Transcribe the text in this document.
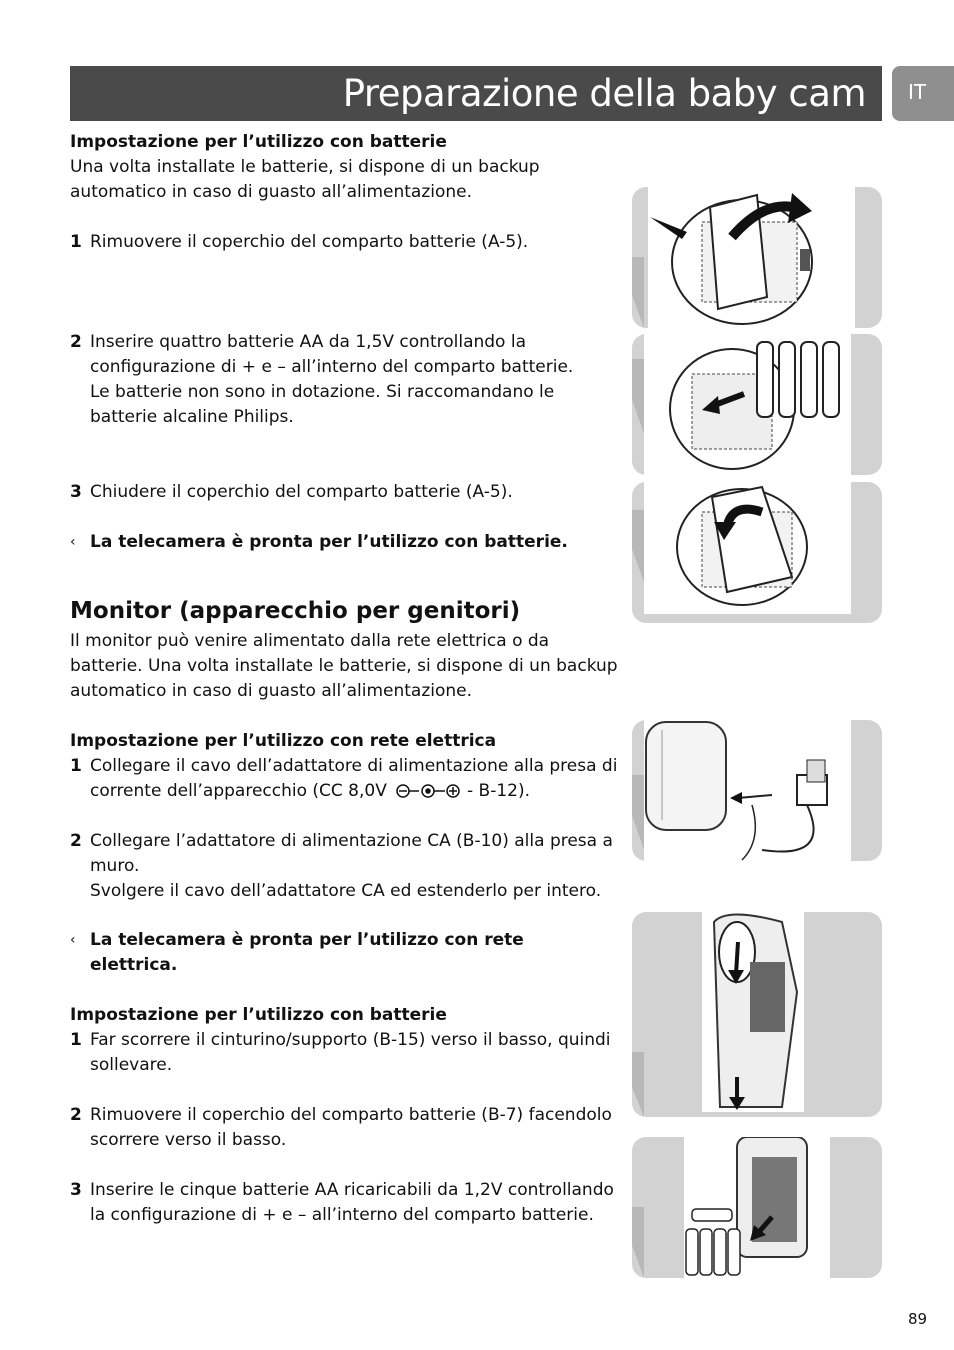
Preparazione della baby cam IT
Impostazione per l’utilizzo con batterie
Una volta installate le batterie, si dispone di un backup
automatico in caso di guasto all’alimentazione.
1 Rimuovere il coperchio del comparto batterie (A-5).
2 Inserire quattro batterie AA da 1,5V controllando la
configurazione di + e – all’interno del comparto batterie.
Le batterie non sono in dotazione. Si raccomandano le
batterie alcaline Philips.
3 Chiudere il coperchio del comparto batterie (A-5).
‹ La telecamera è pronta per l’utilizzo con batterie.
Monitor (apparecchio per genitori)
Il monitor può venire alimentato dalla rete elettrica o da
batterie. Una volta installate le batterie, si dispone di un backup
automatico in caso di guasto all’alimentazione.
Impostazione per l’utilizzo con rete elettrica
1 Collegare il cavo dell’adattatore di alimentazione alla presa di
corrente dell’apparecchio (CC 8,0V	- B-12).
2 Collegare l’adattatore di alimentazione CA (B-10) alla presa a
muro.
Svolgere il cavo dell’adattatore CA ed estenderlo per intero.
‹ La telecamera è pronta per l’utilizzo con rete
elettrica.
Impostazione per l’utilizzo con batterie
1 Far scorrere il cinturino/supporto (B-15) verso il basso, quindi
sollevare.
2 Rimuovere il coperchio del comparto batterie (B-7) facendolo
scorrere verso il basso.
3 Inserire le cinque batterie AA ricaricabili da 1,2V controllando
la configurazione di + e – all’interno del comparto batterie.
89
